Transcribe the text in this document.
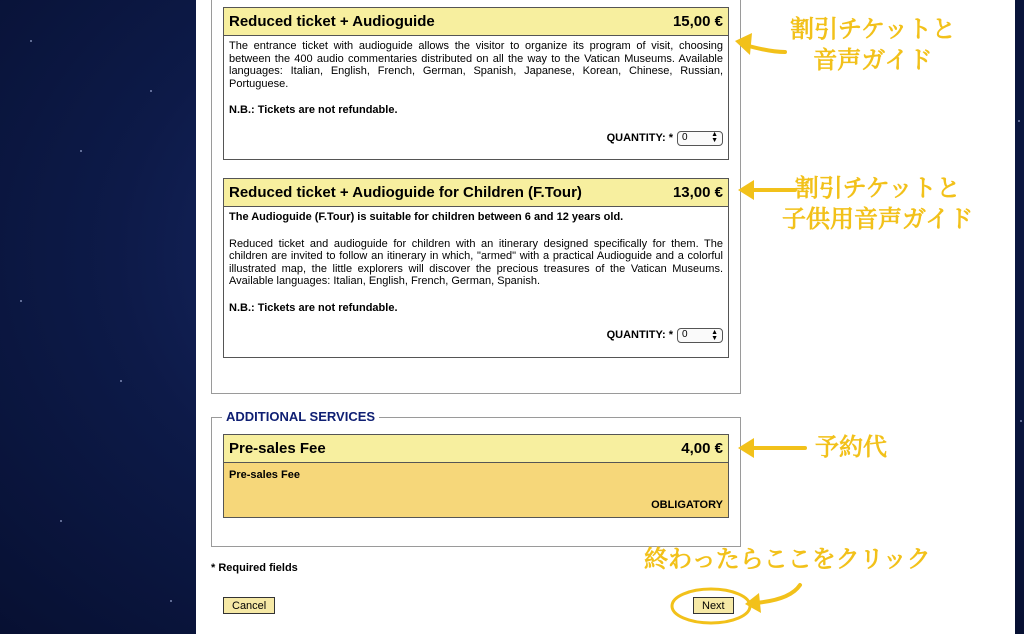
Reduced ticket + Audioguide	15,00 €

The entrance ticket with audioguide allows the visitor to organize its program of visit, choosing between the 400 audio commentaries distributed on all the way to the Vatican Museums. Available languages: Italian, English, French, German, Spanish, Japanese, Korean, Chinese, Russian, Portuguese.

N.B.: Tickets are not refundable.

QUANTITY: * 0	▲
▼
Reduced ticket + Audioguide for Children (F.Tour)	13,00 €

The Audioguide (F.Tour) is suitable for children between 6 and 12 years old.

Reduced ticket and audioguide for children with an itinerary designed specifically for them. The children are invited to follow an itinerary in which, "armed" with a practical Audioguide and a colorful illustrated map, the little explorers will discover the precious treasures of the Vatican Museums. Available languages: Italian, English, French, German, Spanish.

N.B.: Tickets are not refundable.

QUANTITY: * 0	▲
▼
ADDITIONAL SERVICES
Pre-sales Fee	4,00 €
Pre-sales Fee
OBLIGATORY
* Required fields
Cancel	Next
割引チケットと
音声ガイド
割引チケットと
子供用音声ガイド
予約代
終わったらここをクリック
